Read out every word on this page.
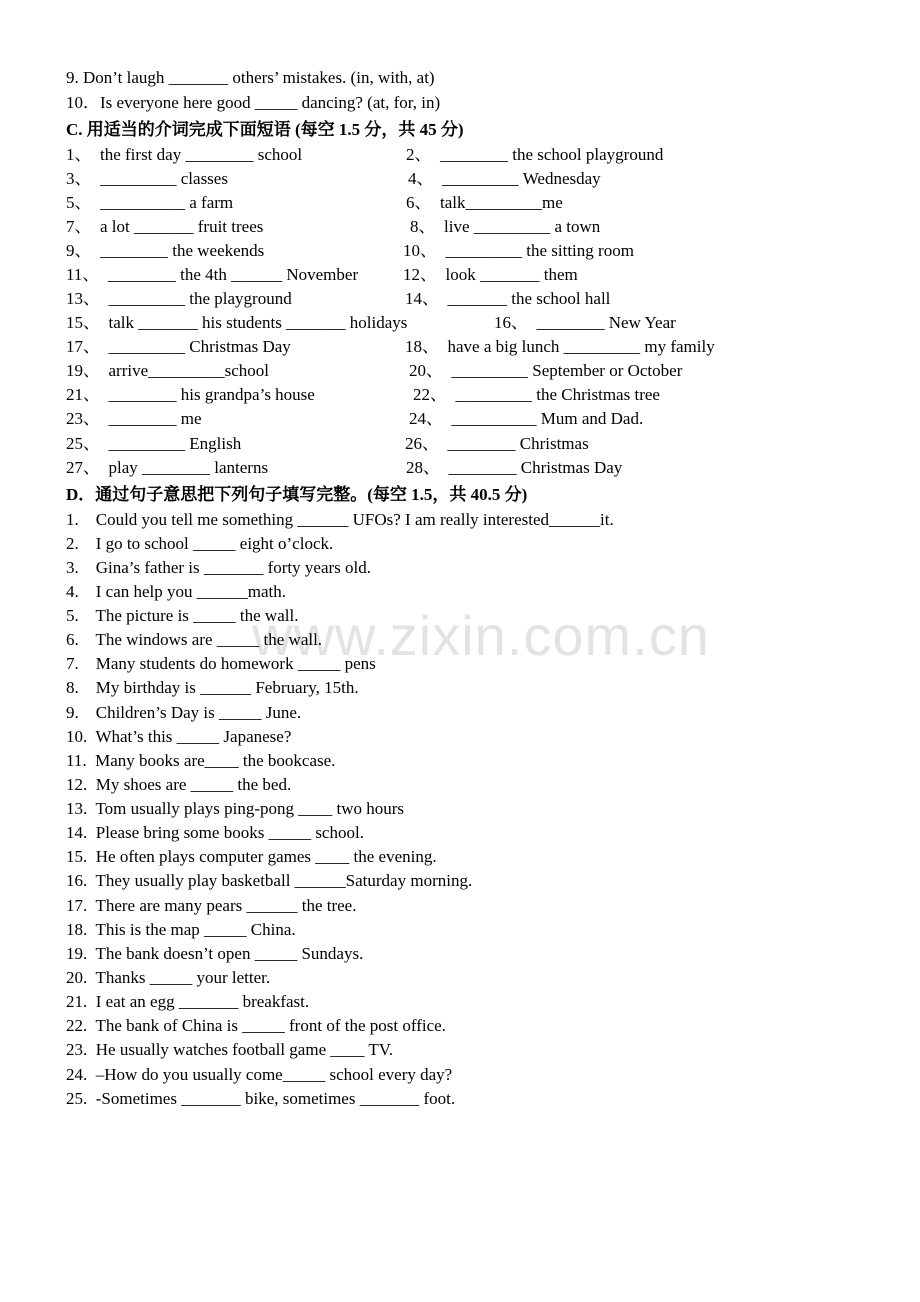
www.zixin.com.cn
9. Don’t laugh _______ others’ mistakes. (in, with, at)
10．Is everyone here good _____ dancing? (at, for, in)
C. 用适当的介词完成下面短语 (每空 1.5 分，共 45 分)
1、  the first day ________ school
3、  _________ classes
5、  __________ a farm
7、  a lot _______ fruit trees
9、  ________ the weekends
11、  ________ the 4th ______ November
13、  _________ the playground
15、  talk _______ his students _______ holidays
17、  _________ Christmas Day
19、  arrive_________school
21、  ________ his grandpa’s house
23、  ________ me
25、  _________ English
27、  play ________ lanterns
2、  ________ the school playground
4、  _________ Wednesday
6、  talk_________me
8、  live _________ a town
10、  _________ the sitting room
12、  look _______ them
14、  _______ the school hall
16、  ________ New Year
18、  have a big lunch _________ my family
20、  _________ September or October
22、  _________ the Christmas tree
24、  __________ Mum and Dad.
26、  ________ Christmas
28、  ________ Christmas Day
D．通过句子意思把下列句子填写完整。(每空 1.5，共 40.5 分)
1.    Could you tell me something ______ UFOs? I am really interested______it.
2.    I go to school _____ eight o’clock.
3.    Gina’s father is _______ forty years old.
4.    I can help you ______math.
5.    The picture is _____ the wall.
6.    The windows are _____ the wall.
7.    Many students do homework _____ pens
8.    My birthday is ______ February, 15th.
9.    Children’s Day is _____ June.
10.  What’s this _____ Japanese?
11.  Many books are____ the bookcase.
12.  My shoes are _____ the bed.
13.  Tom usually plays ping-pong ____ two hours
14.  Please bring some books _____ school.
15.  He often plays computer games ____ the evening.
16.  They usually play basketball ______Saturday morning.
17.  There are many pears ______ the tree.
18.  This is the map _____ China.
19.  The bank doesn’t open _____ Sundays.
20.  Thanks _____ your letter.
21.  I eat an egg _______ breakfast.
22.  The bank of China is _____ front of the post office.
23.  He usually watches football game ____ TV.
24.  –How do you usually come_____ school every day?
25.  -Sometimes _______ bike, sometimes _______ foot.
